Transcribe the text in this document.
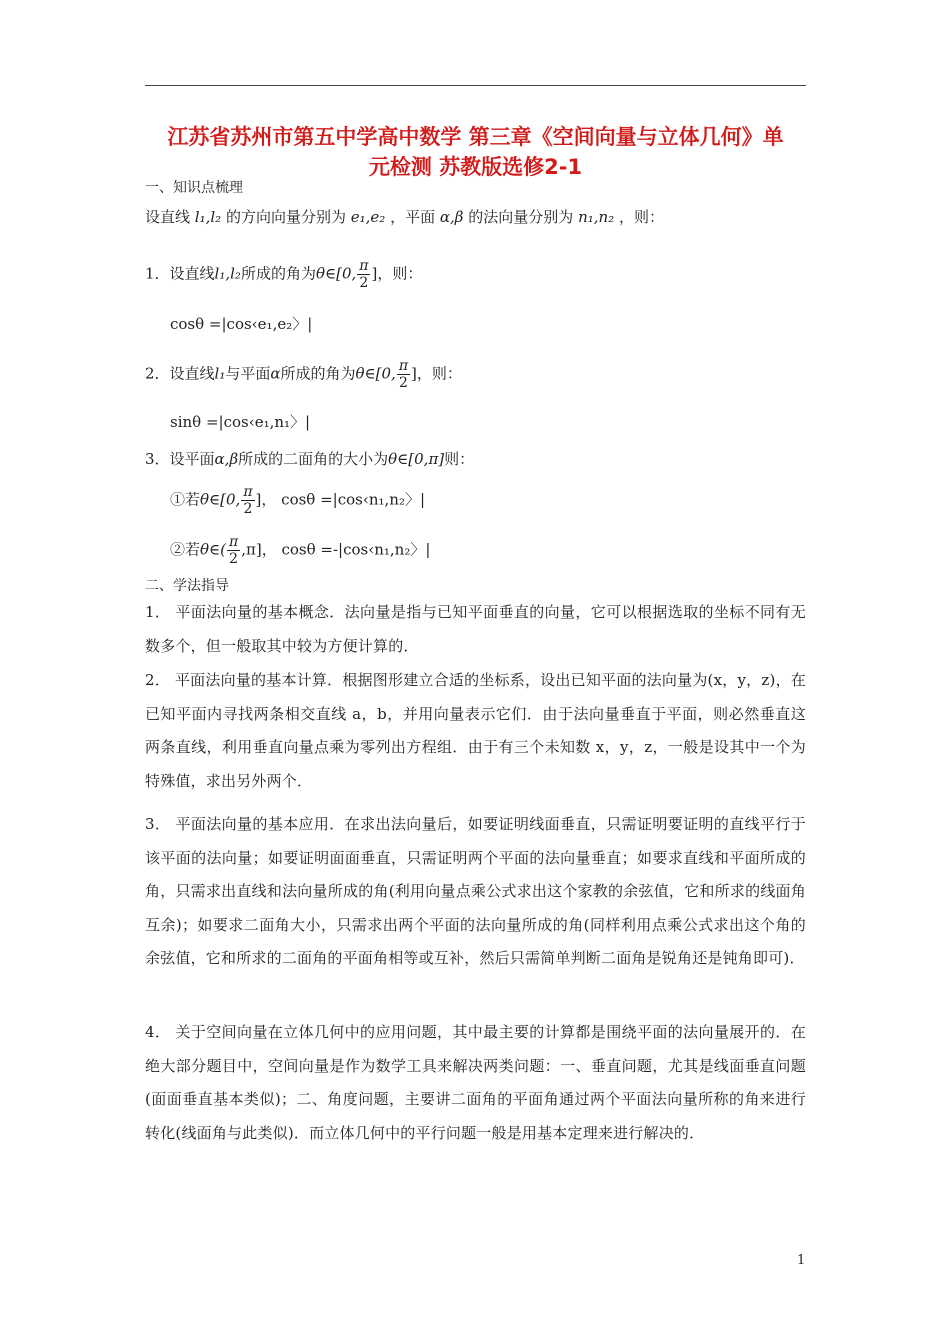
江苏省苏州市第五中学高中数学 第三章《空间向量与立体几何》单
元检测 苏教版选修2-1
一、知识点梳理
设直线 l₁,l₂ 的方向向量分别为 e₁,e₂ ，平面 α,β 的法向量分别为 n₁,n₂ ，则：
1．设直线l₁,l₂所成的角为θ∈[0, $\frac{\pi}{2}$ ]，则：
cosθ =|cos‹e₁,e₂〉|
2．设直线l₁与平面α所成的角为θ∈[0, $\frac{\pi}{2}$ ]，则：
sinθ =|cos‹e₁,n₁〉|
3．设平面α,β所成的二面角的大小为θ∈[0,π]则：
①若θ∈[0, $\frac{\pi}{2}$ ]， cosθ =|cos‹n₁,n₂〉|
②若θ∈( $\frac{\pi}{2} ,\pi$]， cosθ =-|cos‹n₁,n₂〉|
二、学法指导
1． 平面法向量的基本概念．法向量是指与已知平面垂直的向量，它可以根据选取的坐标不同有无数多个，但一般取其中较为方便计算的．
2． 平面法向量的基本计算．根据图形建立合适的坐标系，设出已知平面的法向量为(x，y，z)，在已知平面内寻找两条相交直线 a，b，并用向量表示它们．由于法向量垂直于平面，则必然垂直这两条直线，利用垂直向量点乘为零列出方程组．由于有三个未知数 x，y，z，一般是设其中一个为特殊值，求出另外两个．
3． 平面法向量的基本应用．在求出法向量后，如要证明线面垂直，只需证明要证明的直线平行于该平面的法向量；如要证明面面垂直，只需证明两个平面的法向量垂直；如要求直线和平面所成的角，只需求出直线和法向量所成的角(利用向量点乘公式求出这个家教的余弦值，它和所求的线面角互余)；如要求二面角大小，只需求出两个平面的法向量所成的角(同样利用点乘公式求出这个角的余弦值，它和所求的二面角的平面角相等或互补，然后只需简单判断二面角是锐角还是钝角即可)．
4． 关于空间向量在立体几何中的应用问题，其中最主要的计算都是围绕平面的法向量展开的．在绝大部分题目中，空间向量是作为数学工具来解决两类问题：一、垂直问题，尤其是线面垂直问题(面面垂直基本类似)；二、角度问题，主要讲二面角的平面角通过两个平面法向量所称的角来进行转化(线面角与此类似)．而立体几何中的平行问题一般是用基本定理来进行解决的．
1
